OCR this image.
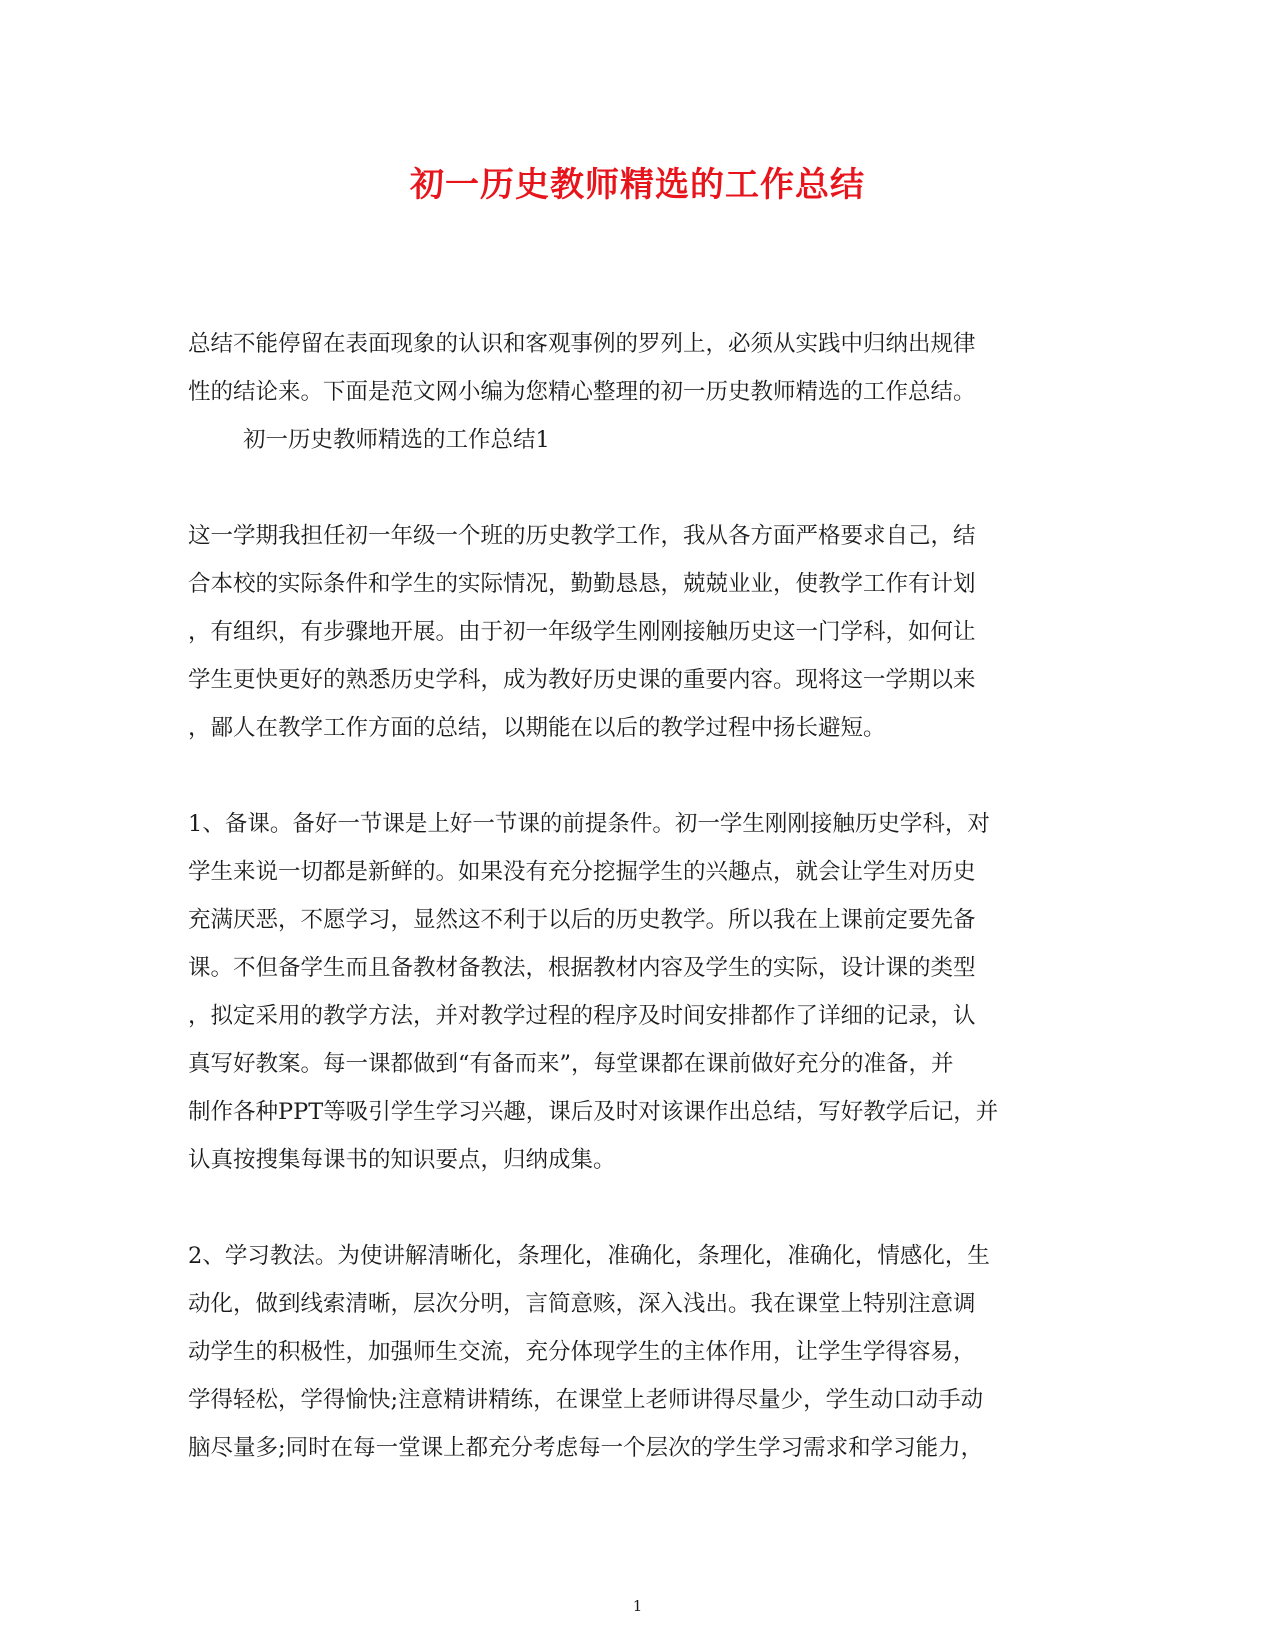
初一历史教师精选的工作总结
总结不能停留在表面现象的认识和客观事例的罗列上，必须从实践中归纳出规律
性的结论来。下面是范文网小编为您精心整理的初一历史教师精选的工作总结。
初一历史教师精选的工作总结1
这一学期我担任初一年级一个班的历史教学工作，我从各方面严格要求自己，结
合本校的实际条件和学生的实际情况，勤勤恳恳，兢兢业业，使教学工作有计划
，有组织，有步骤地开展。由于初一年级学生刚刚接触历史这一门学科，如何让
学生更快更好的熟悉历史学科，成为教好历史课的重要内容。现将这一学期以来
，鄙人在教学工作方面的总结，以期能在以后的教学过程中扬长避短。
1、备课。备好一节课是上好一节课的前提条件。初一学生刚刚接触历史学科，对
学生来说一切都是新鲜的。如果没有充分挖掘学生的兴趣点，就会让学生对历史
充满厌恶，不愿学习，显然这不利于以后的历史教学。所以我在上课前定要先备
课。不但备学生而且备教材备教法，根据教材内容及学生的实际，设计课的类型
，拟定采用的教学方法，并对教学过程的程序及时间安排都作了详细的记录，认
真写好教案。每一课都做到“有备而来”，每堂课都在课前做好充分的准备，并
制作各种PPT等吸引学生学习兴趣，课后及时对该课作出总结，写好教学后记，并
认真按搜集每课书的知识要点，归纳成集。
2、学习教法。为使讲解清晰化，条理化，准确化，条理化，准确化，情感化，生
动化，做到线索清晰，层次分明，言简意赅，深入浅出。我在课堂上特别注意调
动学生的积极性，加强师生交流，充分体现学生的主体作用，让学生学得容易，
学得轻松，学得愉快;注意精讲精练，在课堂上老师讲得尽量少，学生动口动手动
脑尽量多;同时在每一堂课上都充分考虑每一个层次的学生学习需求和学习能力，
1
